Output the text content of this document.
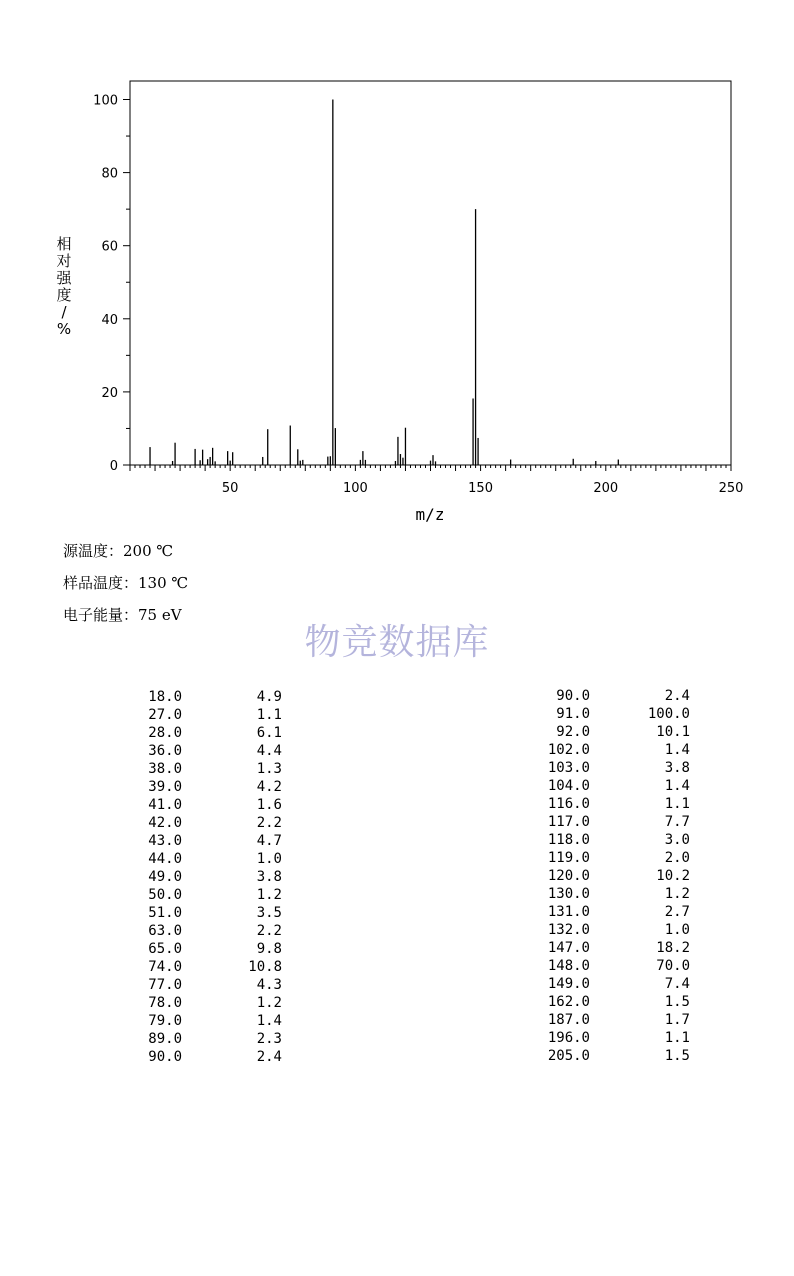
50	100	150	200	250
0
20
40
60
80
100
m/z
相对强度/ %
源温度：200 ℃
样品温度：130 ℃
电子能量：75 eV
物竞数据库
18.0	4.9
27.0	1.1
28.0	6.1
36.0	4.4
38.0	1.3
39.0	4.2
41.0	1.6
42.0	2.2
43.0	4.7
44.0	1.0
49.0	3.8
50.0	1.2
51.0	3.5
63.0	2.2
65.0	9.8
74.0	10.8
77.0	4.3
78.0	1.2
79.0	1.4
89.0	2.3
90.0	2.4
90.0	2.4
91.0	100.0
92.0	10.1
102.0	1.4
103.0	3.8
104.0	1.4
116.0	1.1
117.0	7.7
118.0	3.0
119.0	2.0
120.0	10.2
130.0	1.2
131.0	2.7
132.0	1.0
147.0	18.2
148.0	70.0
149.0	7.4
162.0	1.5
187.0	1.7
196.0	1.1
205.0	1.5
